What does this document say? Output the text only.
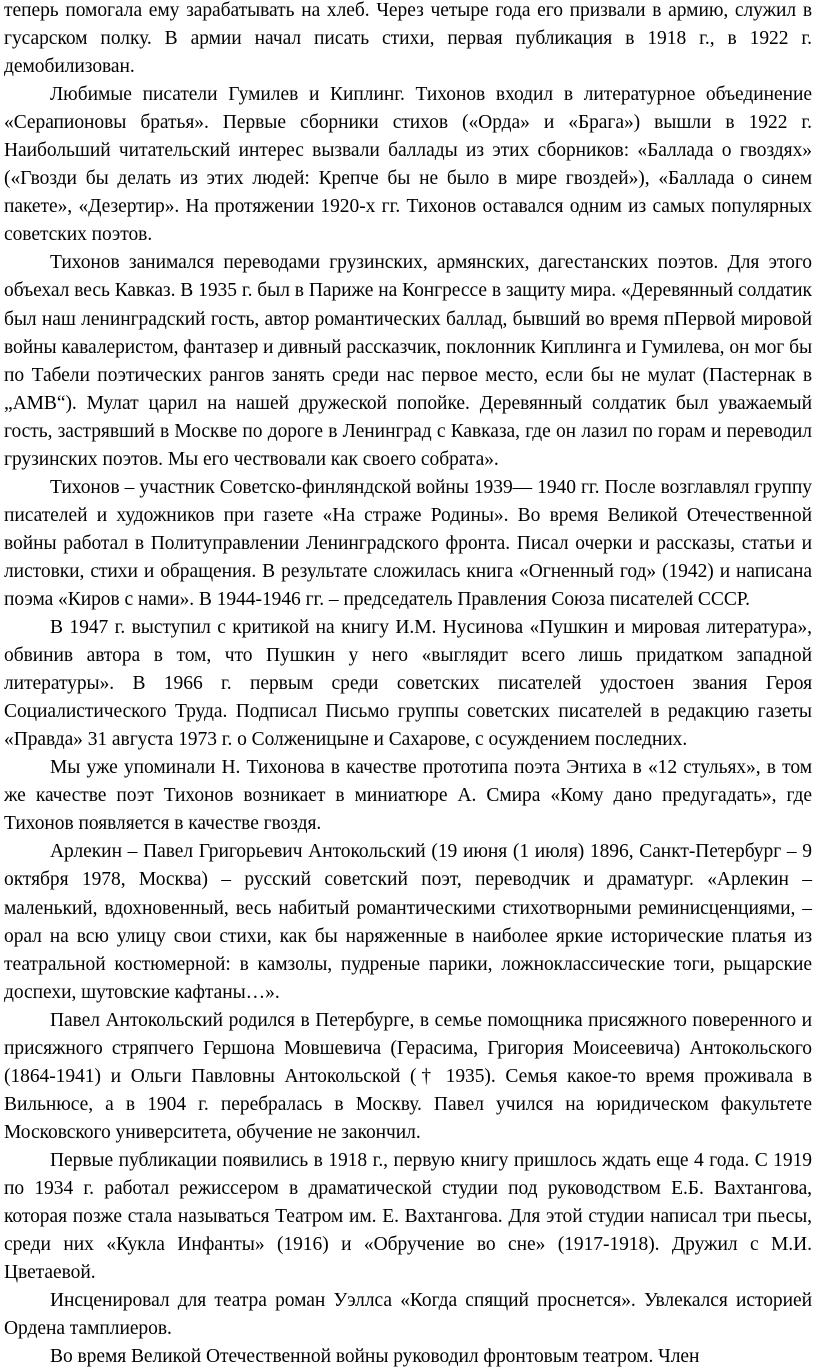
теперь помогала ему зарабатывать на хлеб. Через четыре года его призвали в армию, служил в гусарском полку. В армии начал писать стихи, первая публикация в 1918 г., в 1922 г. демобилизован.

Любимые писатели Гумилев и Киплинг. Тихонов входил в литературное объединение «Серапионовы братья». Первые сборники стихов («Орда» и «Брага») вышли в 1922 г. Наибольший читательский интерес вызвали баллады из этих сборников: «Баллада о гвоздях» («Гвозди бы делать из этих людей: Крепче бы не было в мире гвоздей»), «Баллада о синем пакете», «Дезертир». На протяжении 1920-х гг. Тихонов оставался одним из самых популярных советских поэтов.

Тихонов занимался переводами грузинских, армянских, дагестанских поэтов. Для этого объехал весь Кавказ. В 1935 г. был в Париже на Конгрессе в защиту мира. «Деревянный солдатик был наш ленинградский гость, автор романтических баллад, бывший во время пПервой мировой войны кавалеристом, фантазер и дивный рассказчик, поклонник Киплинга и Гумилева, он мог бы по Табели поэтических рангов занять среди нас первое место, если бы не мулат (Пастернак в „АМВ“). Мулат царил на нашей дружеской попойке. Деревянный солдатик был уважаемый гость, застрявший в Москве по дороге в Ленинград с Кавказа, где он лазил по горам и переводил грузинских поэтов. Мы его чествовали как своего собрата».

Тихонов – участник Советско-финляндской войны 1939— 1940 гг. После возглавлял группу писателей и художников при газете «На страже Родины». Во время Великой Отечественной войны работал в Политуправлении Ленинградского фронта. Писал очерки и рассказы, статьи и листовки, стихи и обращения. В результате сложилась книга «Огненный год» (1942) и написана поэма «Киров с нами». В 1944-1946 гг. – председатель Правления Союза писателей СССР.

В 1947 г. выступил с критикой на книгу И.М. Нусинова «Пушкин и мировая литература», обвинив автора в том, что Пушкин у него «выглядит всего лишь придатком западной литературы». В 1966 г. первым среди советских писателей удостоен звания Героя Социалистического Труда. Подписал Письмо группы советских писателей в редакцию газеты «Правда» 31 августа 1973 г. о Солженицыне и Сахарове, с осуждением последних.

Мы уже упоминали Н. Тихонова в качестве прототипа поэта Энтиха в «12 стульях», в том же качестве поэт Тихонов возникает в миниатюре А. Смира «Кому дано предугадать», где Тихонов появляется в качестве гвоздя.

Арлекин – Павел Григорьевич Антокольский (19 июня (1 июля) 1896, Санкт-Петербург – 9 октября 1978, Москва) – русский советский поэт, переводчик и драматург. «Арлекин – маленький, вдохновенный, весь набитый романтическими стихотворными реминисценциями, – орал на всю улицу свои стихи, как бы наряженные в наиболее яркие исторические платья из театральной костюмерной: в камзолы, пудреные парики, ложноклассические тоги, рыцарские доспехи, шутовские кафтаны…».

Павел Антокольский родился в Петербурге, в семье помощника присяжного поверенного и присяжного стряпчего Гершона Мовшевича (Герасима, Григория Моисеевича) Антокольского (1864-1941) и Ольги Павловны Антокольской († 1935). Семья какое-то время проживала в Вильнюсе, а в 1904 г. перебралась в Москву. Павел учился на юридическом факультете Московского университета, обучение не закончил.

Первые публикации появились в 1918 г., первую книгу пришлось ждать еще 4 года. С 1919 по 1934 г. работал режиссером в драматической студии под руководством Е.Б. Вахтангова, которая позже стала называться Театром им. Е. Вахтангова. Для этой студии написал три пьесы, среди них «Кукла Инфанты» (1916) и «Обручение во сне» (1917-1918). Дружил с М.И. Цветаевой.

Инсценировал для театра роман Уэллса «Когда спящий проснется». Увлекался историей Ордена тамплиеров.

Во время Великой Отечественной войны руководил фронтовым театром. Член
